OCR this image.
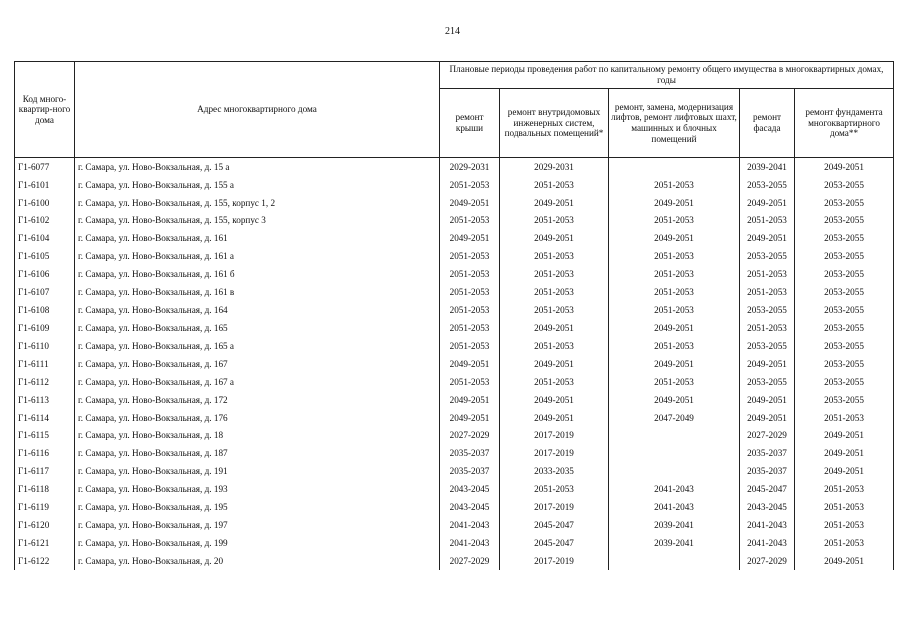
214
Код много-квартир-ного дома	Адрес многоквартирного дома	Плановые периоды проведения работ по капитальному ремонту общего имущества в многоквартирных домах, годы				
		ремонт крыши	ремонт внутридомовых инженерных систем, подвальных помещений*	ремонт, замена, модернизация лифтов, ремонт лифтовых шахт, машинных и блочных помещений	ремонт фасада	ремонт фундамента многоквартирного дома**
Г1-6077	г. Самара, ул. Ново-Вокзальная, д. 15 а	2029-2031	2029-2031		2039-2041	2049-2051
Г1-6101	г. Самара, ул. Ново-Вокзальная, д. 155 а	2051-2053	2051-2053	2051-2053	2053-2055	2053-2055
Г1-6100	г. Самара, ул. Ново-Вокзальная, д. 155, корпус 1, 2	2049-2051	2049-2051	2049-2051	2049-2051	2053-2055
Г1-6102	г. Самара, ул. Ново-Вокзальная, д. 155, корпус 3	2051-2053	2051-2053	2051-2053	2051-2053	2053-2055
Г1-6104	г. Самара, ул. Ново-Вокзальная, д. 161	2049-2051	2049-2051	2049-2051	2049-2051	2053-2055
Г1-6105	г. Самара, ул. Ново-Вокзальная, д. 161 а	2051-2053	2051-2053	2051-2053	2053-2055	2053-2055
Г1-6106	г. Самара, ул. Ново-Вокзальная, д. 161 б	2051-2053	2051-2053	2051-2053	2051-2053	2053-2055
Г1-6107	г. Самара, ул. Ново-Вокзальная, д. 161 в	2051-2053	2051-2053	2051-2053	2051-2053	2053-2055
Г1-6108	г. Самара, ул. Ново-Вокзальная, д. 164	2051-2053	2051-2053	2051-2053	2053-2055	2053-2055
Г1-6109	г. Самара, ул. Ново-Вокзальная, д. 165	2051-2053	2049-2051	2049-2051	2051-2053	2053-2055
Г1-6110	г. Самара, ул. Ново-Вокзальная, д. 165 а	2051-2053	2051-2053	2051-2053	2053-2055	2053-2055
Г1-6111	г. Самара, ул. Ново-Вокзальная, д. 167	2049-2051	2049-2051	2049-2051	2049-2051	2053-2055
Г1-6112	г. Самара, ул. Ново-Вокзальная, д. 167 а	2051-2053	2051-2053	2051-2053	2053-2055	2053-2055
Г1-6113	г. Самара, ул. Ново-Вокзальная, д. 172	2049-2051	2049-2051	2049-2051	2049-2051	2053-2055
Г1-6114	г. Самара, ул. Ново-Вокзальная, д. 176	2049-2051	2049-2051	2047-2049	2049-2051	2051-2053
Г1-6115	г. Самара, ул. Ново-Вокзальная, д. 18	2027-2029	2017-2019		2027-2029	2049-2051
Г1-6116	г. Самара, ул. Ново-Вокзальная, д. 187	2035-2037	2017-2019		2035-2037	2049-2051
Г1-6117	г. Самара, ул. Ново-Вокзальная, д. 191	2035-2037	2033-2035		2035-2037	2049-2051
Г1-6118	г. Самара, ул. Ново-Вокзальная, д. 193	2043-2045	2051-2053	2041-2043	2045-2047	2051-2053
Г1-6119	г. Самара, ул. Ново-Вокзальная, д. 195	2043-2045	2017-2019	2041-2043	2043-2045	2051-2053
Г1-6120	г. Самара, ул. Ново-Вокзальная, д. 197	2041-2043	2045-2047	2039-2041	2041-2043	2051-2053
Г1-6121	г. Самара, ул. Ново-Вокзальная, д. 199	2041-2043	2045-2047	2039-2041	2041-2043	2051-2053
Г1-6122	г. Самара, ул. Ново-Вокзальная, д. 20	2027-2029	2017-2019		2027-2029	2049-2051
